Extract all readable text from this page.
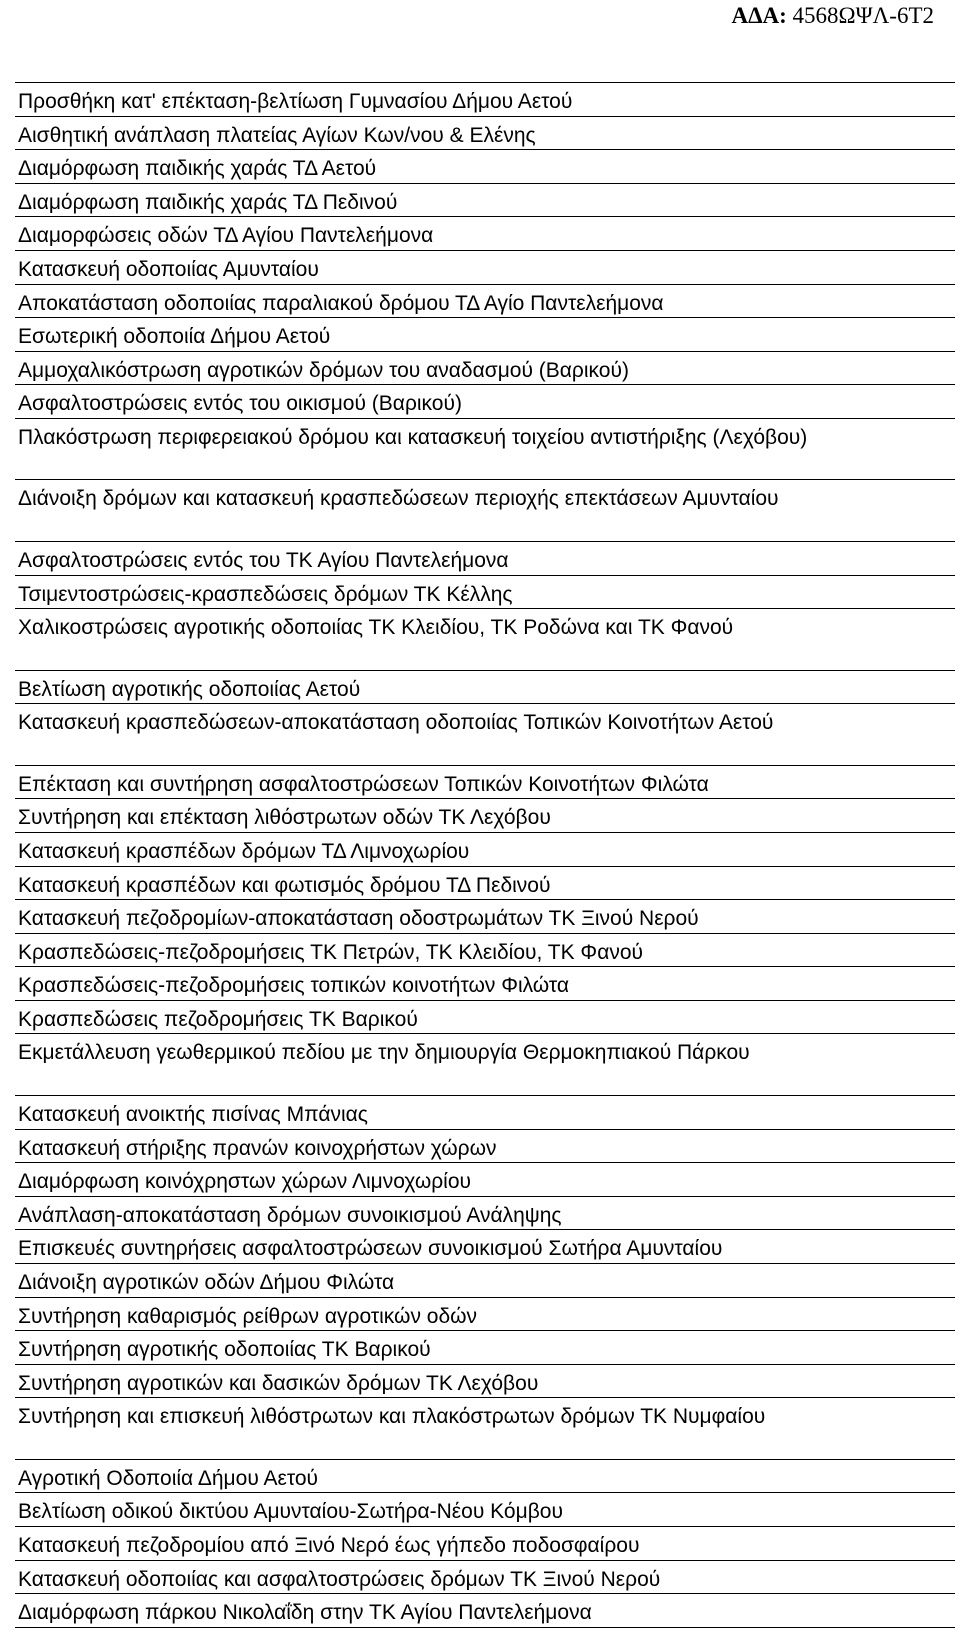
ΑΔΑ: 4568ΩΨΛ-6Τ2
Προσθήκη κατ' επέκταση-βελτίωση Γυμνασίου Δήμου Αετού
Αισθητική ανάπλαση πλατείας Αγίων Κων/νου & Ελένης
Διαμόρφωση παιδικής χαράς ΤΔ Αετού
Διαμόρφωση παιδικής χαράς ΤΔ Πεδινού
Διαμορφώσεις οδών ΤΔ Αγίου Παντελεήμονα
Κατασκευή οδοποιίας Αμυνταίου
Αποκατάσταση οδοποιίας παραλιακού δρόμου ΤΔ Αγίο Παντελεήμονα
Εσωτερική οδοποιία Δήμου Αετού
Αμμοχαλικόστρωση αγροτικών δρόμων του αναδασμού (Βαρικού)
Ασφαλτοστρώσεις εντός του οικισμού (Βαρικού)
Πλακόστρωση περιφερειακού δρόμου και κατασκευή τοιχείου αντιστήριξης (Λεχόβου)
Διάνοιξη δρόμων και κατασκευή κρασπεδώσεων περιοχής επεκτάσεων Αμυνταίου
Ασφαλτοστρώσεις εντός του ΤΚ Αγίου Παντελεήμονα
Τσιμεντοστρώσεις-κρασπεδώσεις δρόμων ΤΚ Κέλλης
Χαλικοστρώσεις αγροτικής οδοποιίας ΤΚ Κλειδίου, ΤΚ Ροδώνα και ΤΚ Φανού
Βελτίωση αγροτικής οδοποιίας Αετού
Κατασκευή κρασπεδώσεων-αποκατάσταση οδοποιίας Τοπικών Κοινοτήτων Αετού
Επέκταση και συντήρηση ασφαλτοστρώσεων Τοπικών Κοινοτήτων Φιλώτα
Συντήρηση και επέκταση λιθόστρωτων οδών ΤΚ Λεχόβου
Κατασκευή κρασπέδων δρόμων ΤΔ Λιμνοχωρίου
Κατασκευή κρασπέδων και φωτισμός δρόμου ΤΔ Πεδινού
Κατασκευή πεζοδρομίων-αποκατάσταση οδοστρωμάτων ΤΚ Ξινού Νερού
Κρασπεδώσεις-πεζοδρομήσεις ΤΚ Πετρών, ΤΚ Κλειδίου, ΤΚ Φανού
Κρασπεδώσεις-πεζοδρομήσεις τοπικών κοινοτήτων Φιλώτα
Κρασπεδώσεις πεζοδρομήσεις ΤΚ Βαρικού
Εκμετάλλευση γεωθερμικού πεδίου με την δημιουργία Θερμοκηπιακού Πάρκου
Κατασκευή ανοικτής πισίνας Μπάνιας
Κατασκευή στήριξης πρανών κοινοχρήστων χώρων
Διαμόρφωση κοινόχρηστων χώρων Λιμνοχωρίου
Ανάπλαση-αποκατάσταση δρόμων συνοικισμού Ανάληψης
Επισκευές συντηρήσεις ασφαλτοστρώσεων συνοικισμού Σωτήρα Αμυνταίου
Διάνοιξη αγροτικών οδών Δήμου Φιλώτα
Συντήρηση καθαρισμός ρείθρων αγροτικών οδών
Συντήρηση αγροτικής οδοποιίας ΤΚ Βαρικού
Συντήρηση αγροτικών και δασικών δρόμων ΤΚ Λεχόβου
Συντήρηση και επισκευή λιθόστρωτων και πλακόστρωτων δρόμων ΤΚ Νυμφαίου
Αγροτική Οδοποιία Δήμου Αετού
Βελτίωση οδικού δικτύου Αμυνταίου-Σωτήρα-Νέου Κόμβου
Κατασκευή πεζοδρομίου από Ξινό Νερό έως γήπεδο ποδοσφαίρου
Κατασκευή οδοποιίας και ασφαλτοστρώσεις δρόμων ΤΚ Ξινού Νερού
Διαμόρφωση πάρκου Νικολαΐδη στην ΤΚ Αγίου Παντελεήμονα
